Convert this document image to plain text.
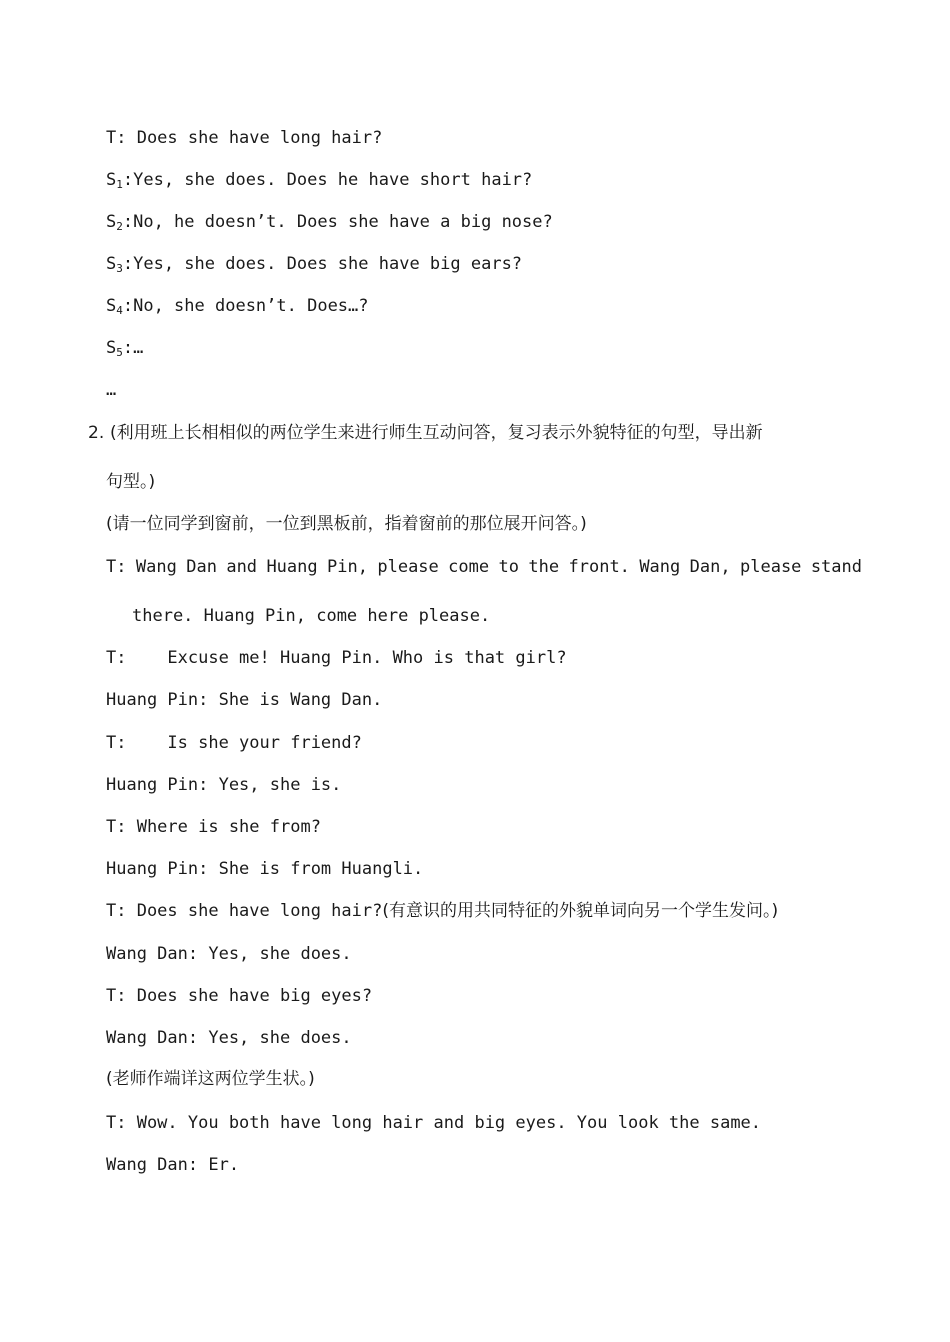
T: Does she have long hair?
$S_1:Yes$, she does. Does he have short hair?
$S_2:No$, he doesn’t. Does she have a big nose?
$S_3:Yes$, she does. Does she have big ears?
$S_4:No$, she doesn’t. Does…?
$S_5:\dots$
…
2. (利用班上长相相似的两位学生来进行师生互动问答，复习表示外貌特征的句型，导出新
句型。)
(请一位同学到窗前，一位到黑板前，指着窗前的那位展开问答。)
T: Wang Dan and Huang Pin, please come to the front. Wang Dan, please stand
there. Huang Pin, come here please.
T:    Excuse me! Huang Pin. Who is that girl?
Huang Pin: She is Wang Dan.
T:    Is she your friend?
Huang Pin: Yes, she is.
T: Where is she from?
Huang Pin: She is from Huangli.
T: Does she have long hair?(有意识的用共同特征的外貌单词向另一个学生发问。)
Wang Dan: Yes, she does.
T: Does she have big eyes?
Wang Dan: Yes, she does.
(老师作端详这两位学生状。)
T: Wow. You both have long hair and big eyes. You look the same.
Wang Dan: Er.
